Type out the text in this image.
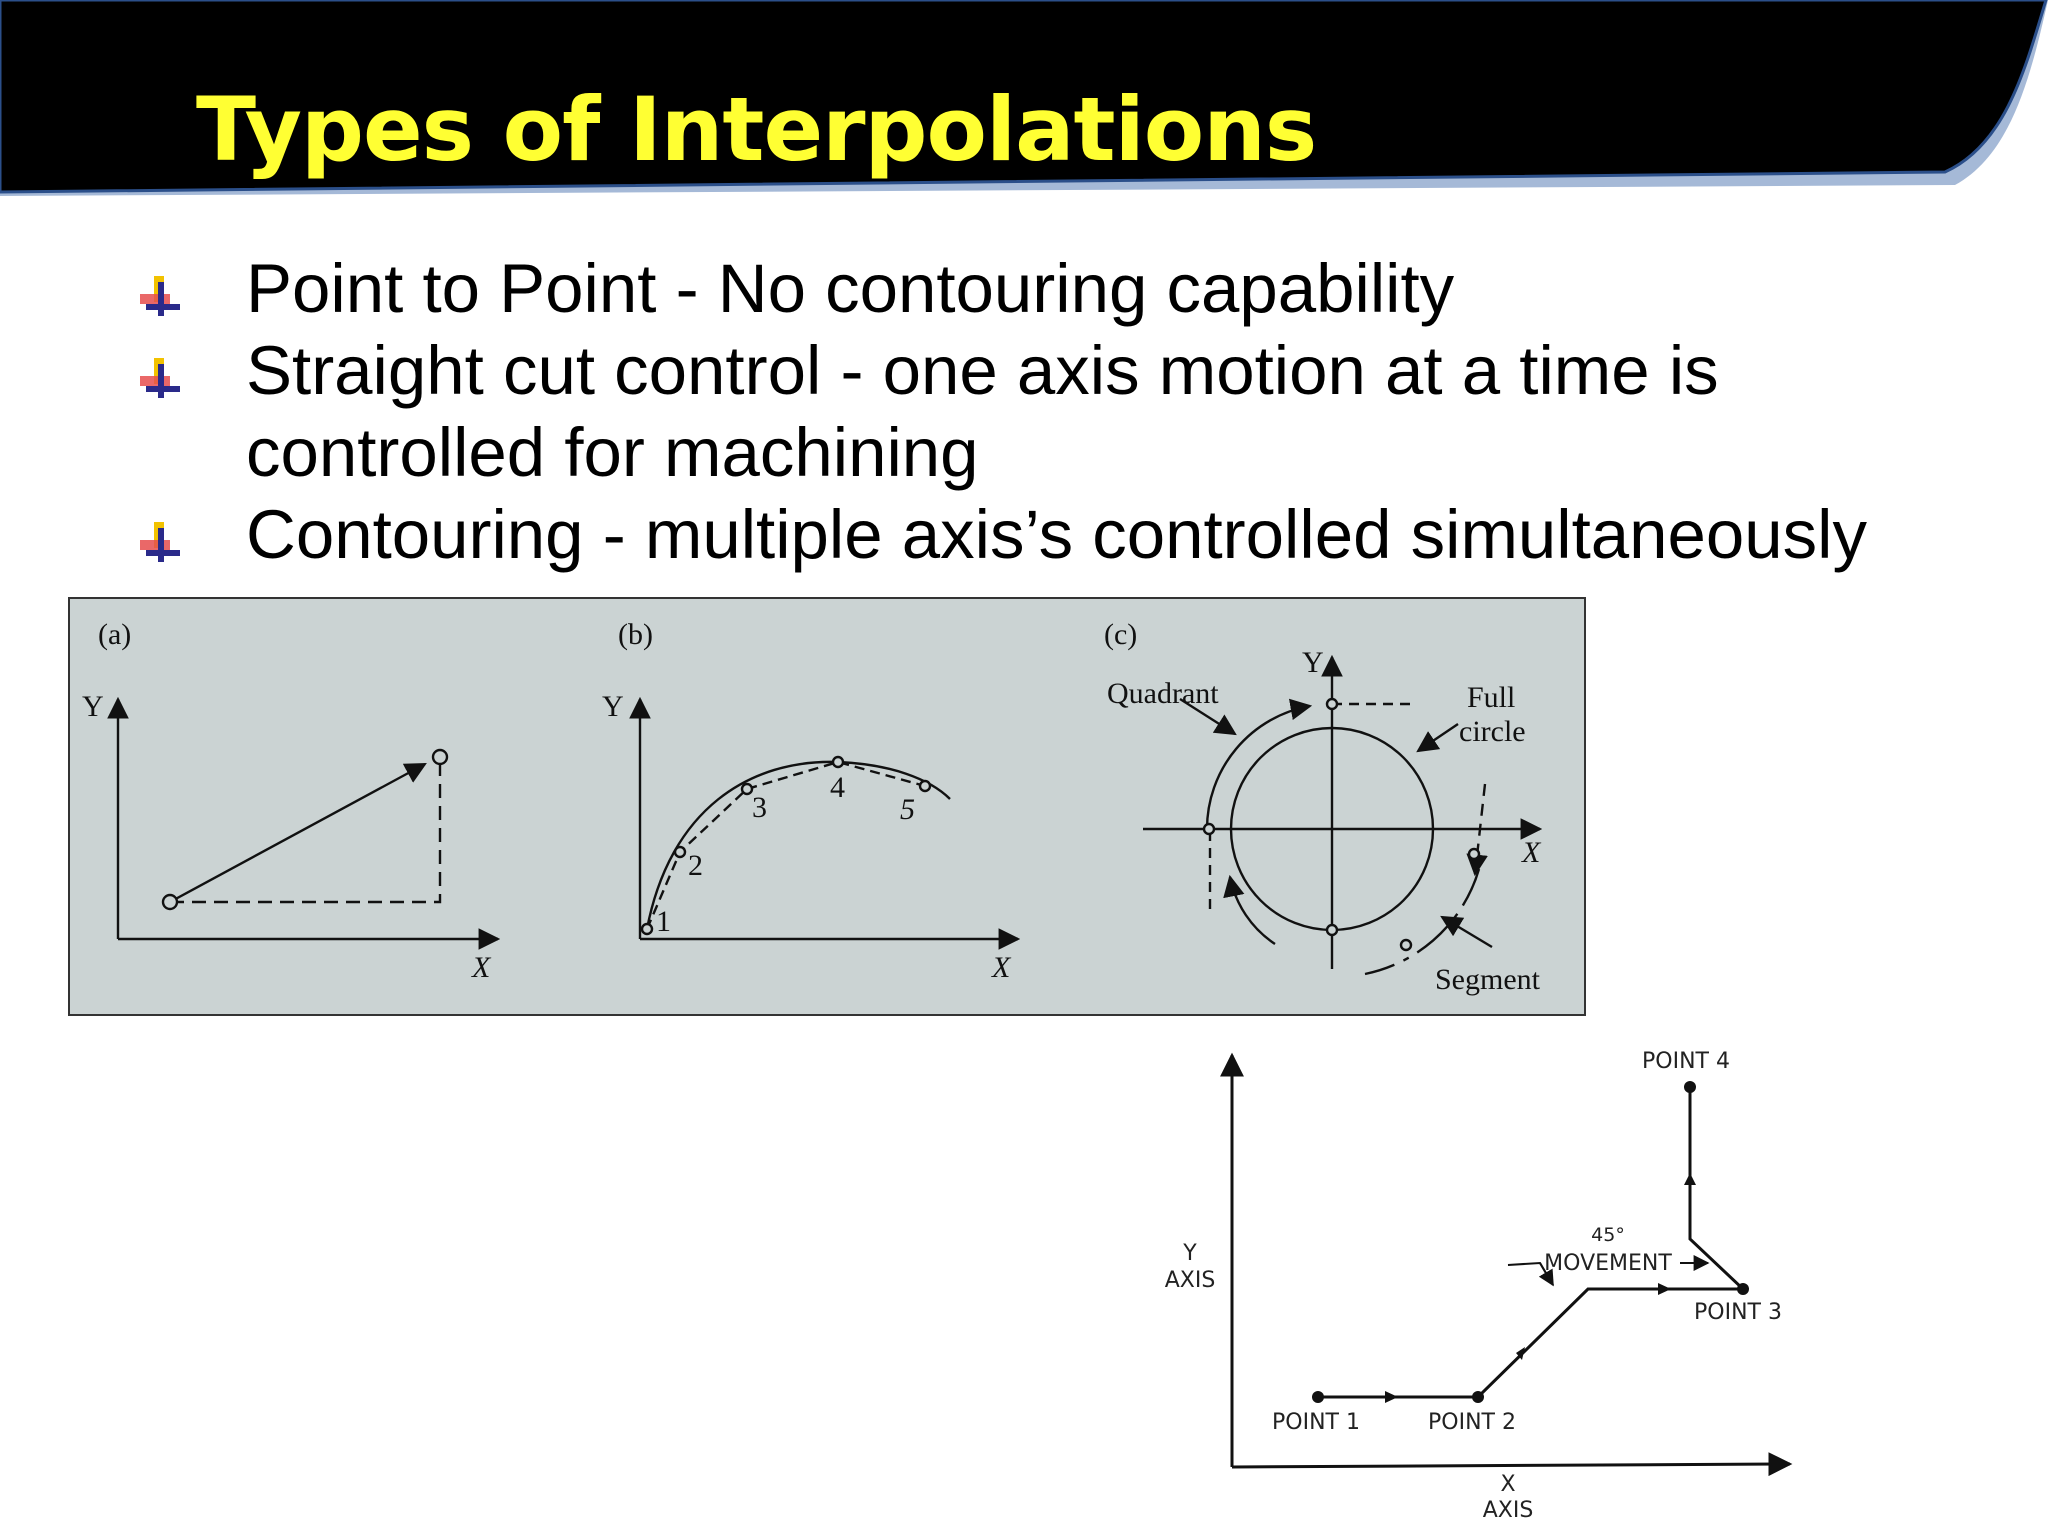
Types of Interpolations
Point to Point - No contouring capability
Straight cut control - one axis motion at a time is controlled for machining
Contouring - multiple axis’s controlled simultaneously
(a)
Y
X
(b)
Y
X
1
2
3
4
5
(c)
Y
X
Quadrant	Full
circle
Segment
Y
AXIS
X
AXIS
POINT 1	POINT 2
POINT 3
POINT 4
45°
MOVEMENT
